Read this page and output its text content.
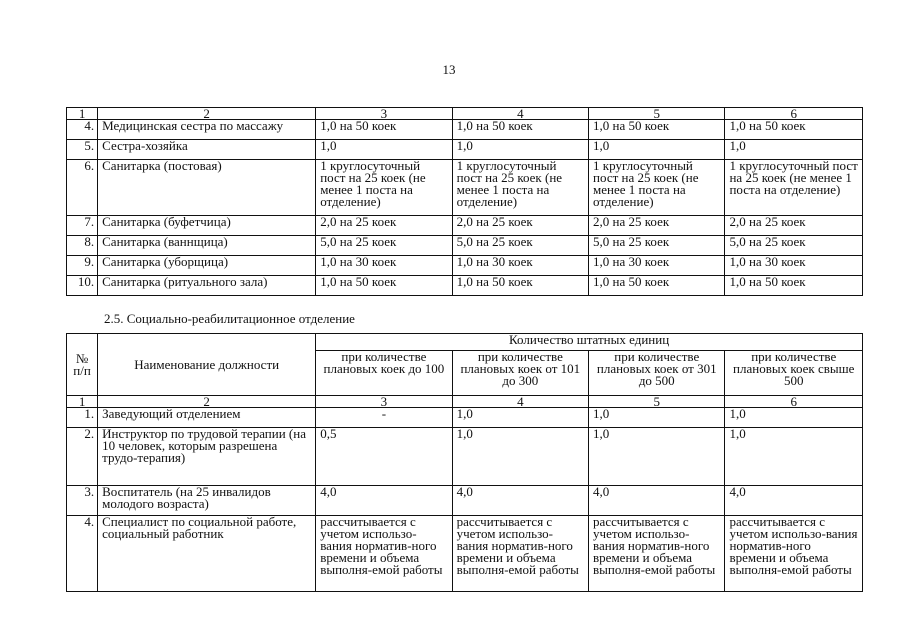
13
1	2	3	4	5	6
4.	Медицинская сестра по массажу	1,0 на 50 коек	1,0 на 50 коек	1,0 на 50 коек	1,0 на 50 коек
5.	Сестра-хозяйка	1,0	1,0	1,0	1,0
6.	Санитарка (постовая)	1 круглосуточный пост на 25 коек (не менее 1 поста на отделение)	1 круглосуточный пост на 25 коек (не менее 1 поста на отделение)	1 круглосуточный пост на 25 коек (не менее 1 поста на отделение)	1 круглосуточный пост на 25 коек (не менее 1 поста на отделение)
7.	Санитарка (буфетчица)	2,0 на 25 коек	2,0 на 25 коек	2,0 на 25 коек	2,0 на 25 коек
8.	Санитарка (ваннщица)	5,0 на 25 коек	5,0 на 25 коек	5,0 на 25 коек	5,0 на 25 коек
9.	Санитарка (уборщица)	1,0 на 30 коек	1,0 на 30 коек	1,0 на 30 коек	1,0 на 30 коек
10.	Санитарка (ритуального зала)	1,0 на 50 коек	1,0 на 50 коек	1,0 на 50 коек	1,0 на 50 коек
2.5. Социально-реабилитационное отделение
№ п/п	Наименование должности	Количество штатных единиц			
		при количестве плановых коек до 100	при количестве плановых коек от 101 до 300	при количестве плановых коек от 301 до 500	при количестве плановых коек свыше 500
1	2	3	4	5	6
1.	Заведующий отделением	-	1,0	1,0	1,0
2.	Инструктор по трудовой терапии (на 10 человек, которым разрешена трудо-терапия)	0,5	1,0	1,0	1,0
3.	Воспитатель (на 25 инвалидов молодого возраста)	4,0	4,0	4,0	4,0
4.	Специалист по социальной работе, социальный работник	рассчитывается с учетом использо-вания норматив-ного времени и объема выполня-емой работы	рассчитывается с учетом использо-вания норматив-ного времени и объема выполня-емой работы	рассчитывается с учетом использо-вания норматив-ного времени и объема выполня-емой работы	рассчитывается с учетом использо-вания норматив-ного времени и объема выполня-емой работы
